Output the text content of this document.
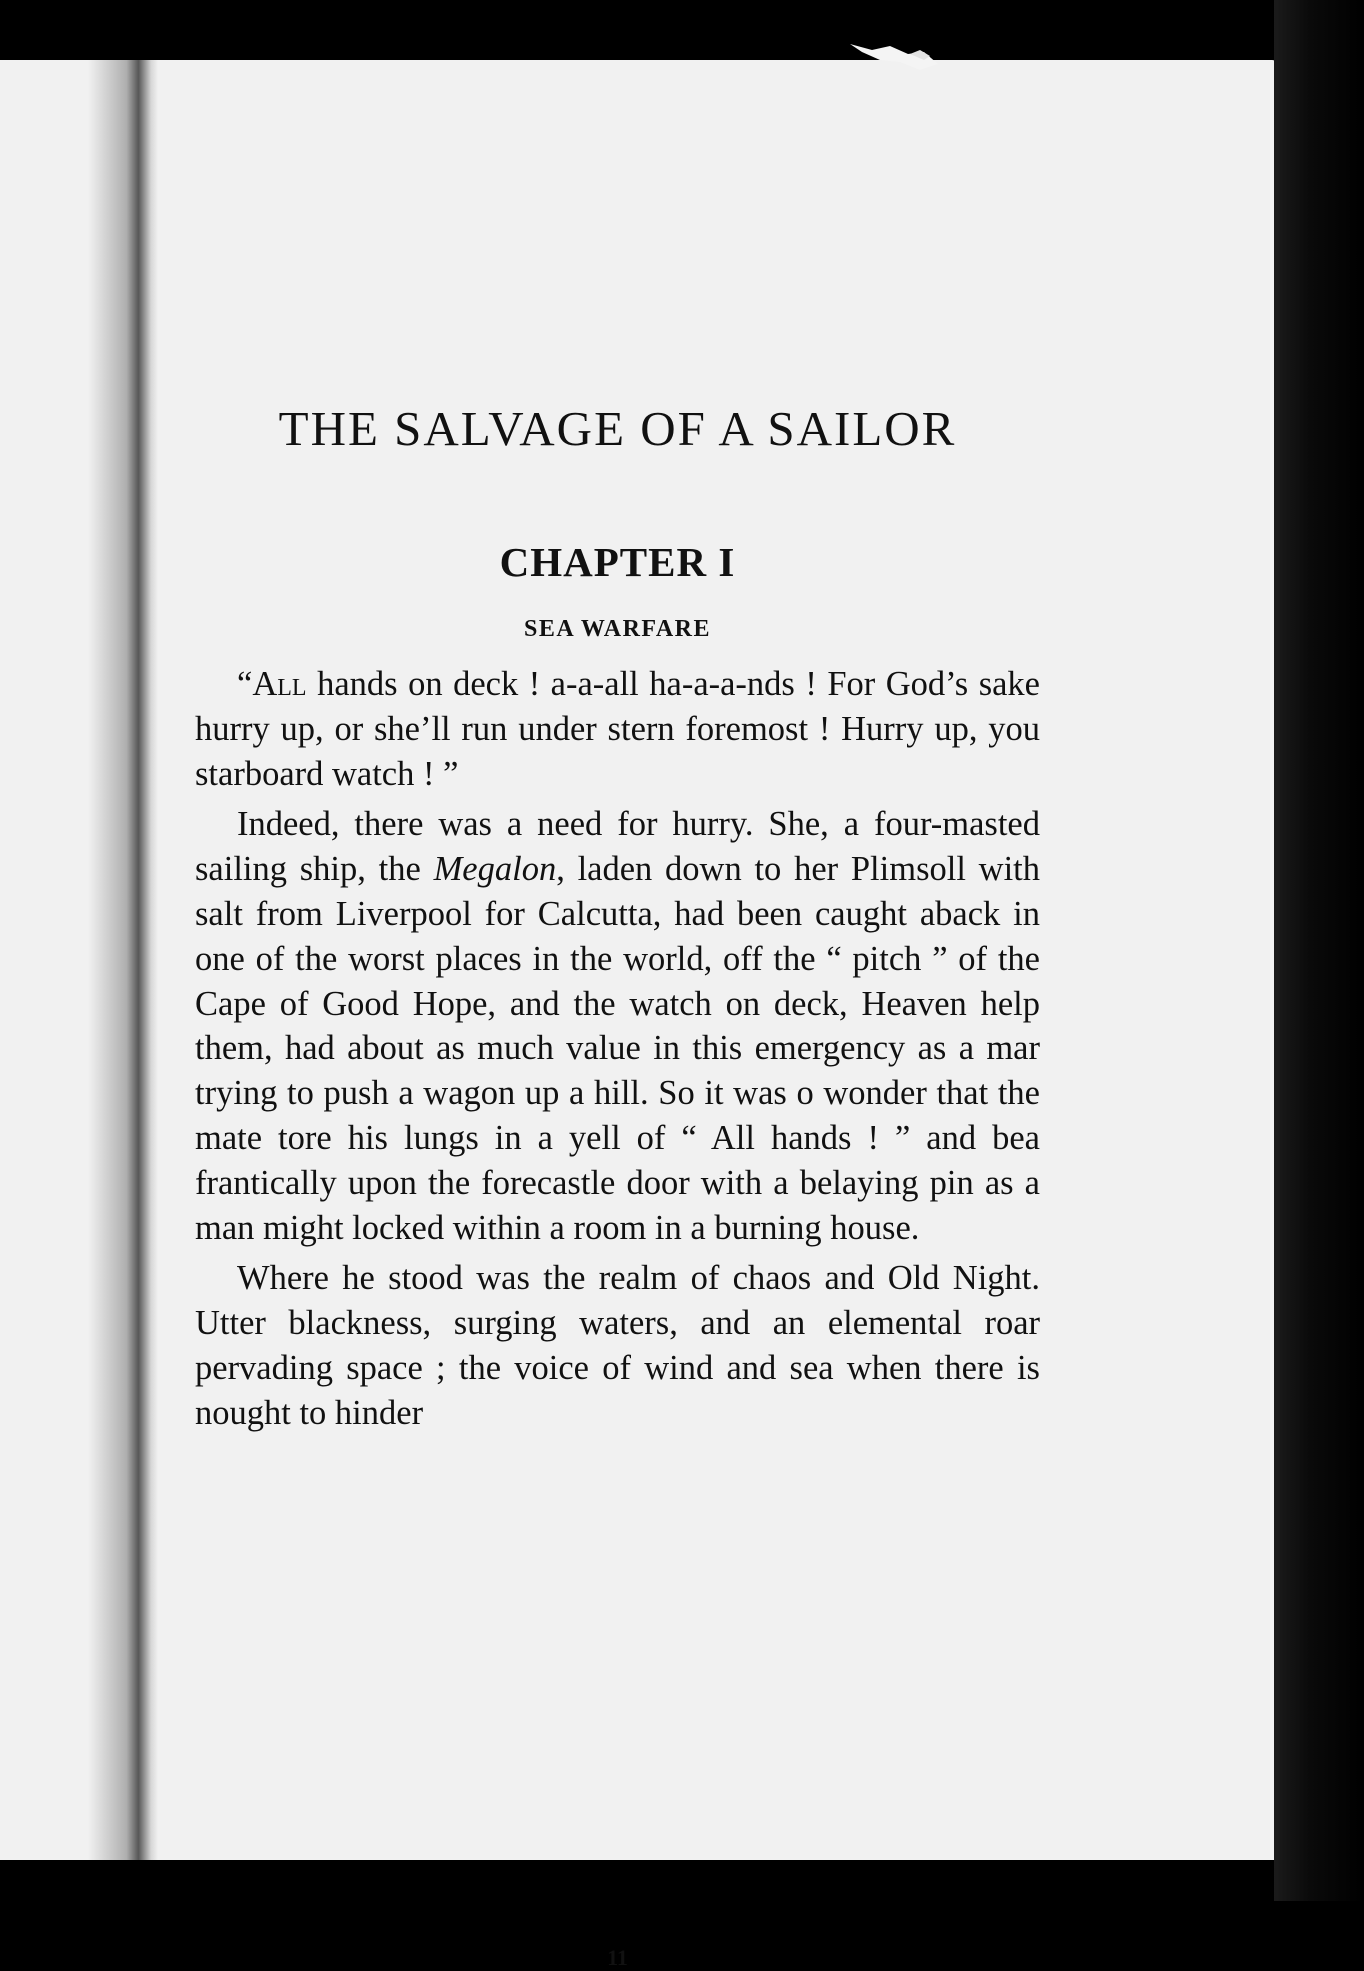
THE SALVAGE OF A SAILOR
CHAPTER I
SEA WARFARE

“All hands on deck ! a-a-all ha-a-a-nds ! For God’s sake hurry up, or she’ll run under stern foremost ! Hurry up, you starboard watch ! ”

Indeed, there was a need for hurry. She, a four-masted sailing ship, the Megalon, laden down to her Plimsoll with salt from Liverpool for Calcutta, had been caught aback in one of the worst places in the world, off the “ pitch ” of the Cape of Good Hope, and the watch on deck, Heaven help them, had about as much value in this emergency as a mar trying to push a wagon up a hill. So it was o wonder that the mate tore his lungs in a yell of “ All hands ! ” and bea frantically upon the forecastle door with a belaying pin as a man might locked within a room in a burning house.

Where he stood was the realm of chaos and Old Night. Utter blackness, surging waters, and an elemental roar pervading space ; the voice of wind and sea when there is nought to hinder

11
